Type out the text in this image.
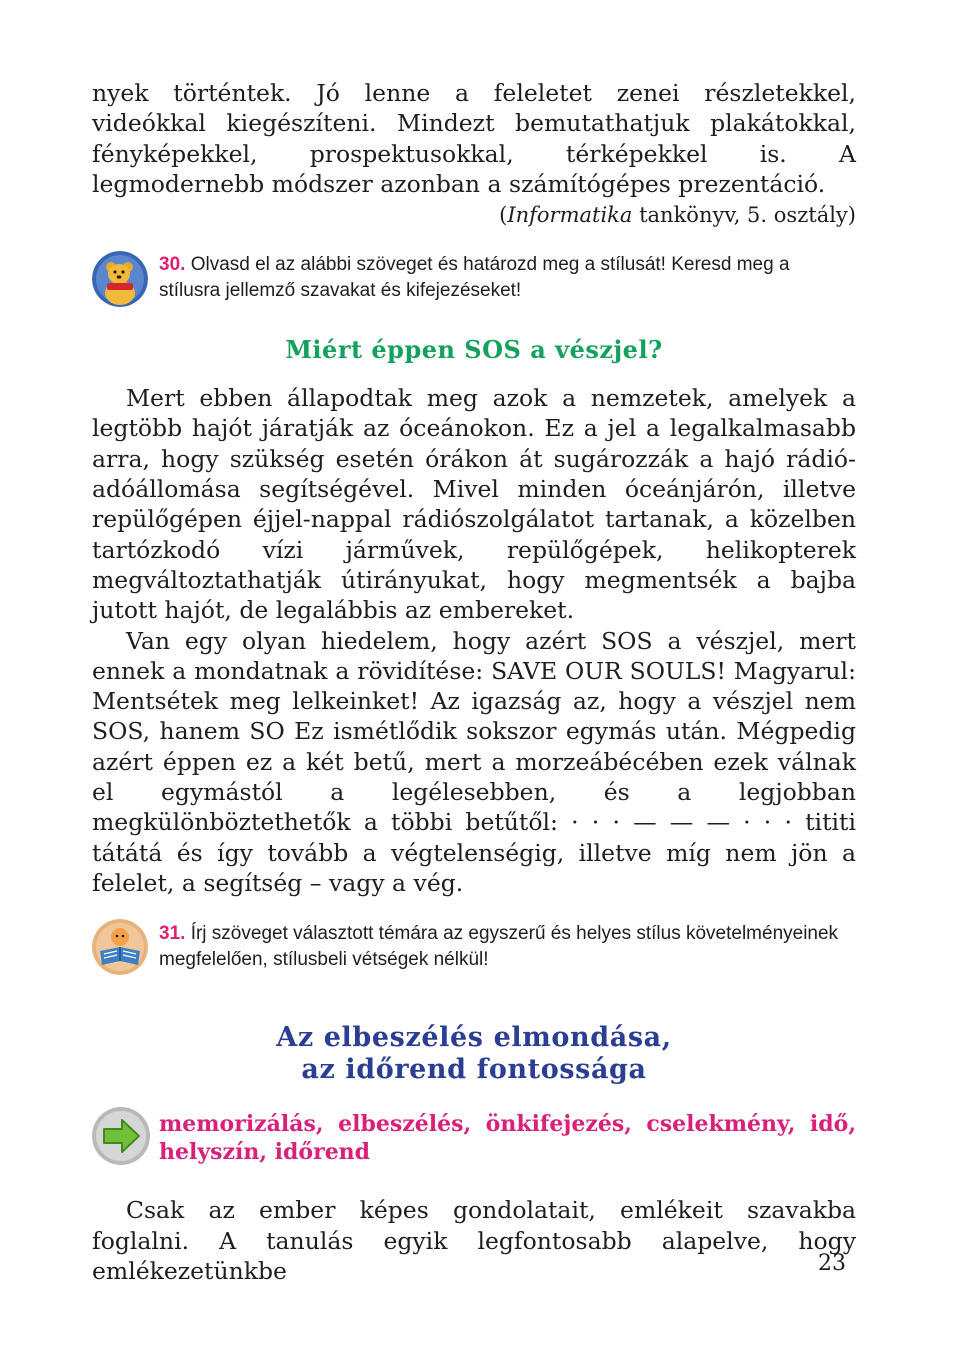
nyek történtek. Jó lenne a feleletet zenei részletekkel, videókkal kiegészíteni. Mindezt bemutathatjuk plakátokkal, fényképekkel, prospektusokkal, térképekkel is. A legmodernebb módszer azonban a számítógépes prezentáció.

(Informatika tankönyv, 5. osztály)

30. Olvasd el az alábbi szöveget és határozd meg a stílusát! Keresd meg a stílusra jellemző szavakat és kifejezéseket!
Miért éppen SOS a vészjel?

Mert ebben állapodtak meg azok a nemzetek, amelyek a legtöbb hajót járatják az óceánokon. Ez a jel a legalkalmasabb arra, hogy szükség esetén órákon át sugározzák a hajó rádió-adóállomása segítségével. Mivel minden óceánjárón, illetve repülőgépen éjjel-nappal rádiószolgálatot tartanak, a közelben tartózkodó vízi járművek, repülőgépek, helikopterek megváltoztathatják útirányukat, hogy megmentsék a bajba jutott hajót, de legalábbis az embereket.

Van egy olyan hiedelem, hogy azért SOS a vészjel, mert ennek a mondatnak a rövidítése: SAVE OUR SOULS! Magyarul: Mentsétek meg lelkeinket! Az igazság az, hogy a vészjel nem SOS, hanem SO Ez ismétlődik sokszor egymás után. Mégpedig azért éppen ez a két betű, mert a morzeábécében ezek válnak el egymástól a legélesebben, és a legjobban megkülönböztethetők a többi betűtől: · · · — — — · · · tititi tátátá és így tovább a végtelenségig, illetve míg nem jön a felelet, a segítség – vagy a vég.

31. Írj szöveget választott témára az egyszerű és helyes stílus követelményeinek megfelelően, stílusbeli vétségek nélkül!
Az elbeszélés elmondása,
az időrend fontossága
memorizálás, elbeszélés, önkifejezés, cselekmény, idő, helyszín, időrend

Csak az ember képes gondolatait, emlékeit szavakba foglalni. A tanulás egyik legfontosabb alapelve, hogy emlékezetünkbe	23
